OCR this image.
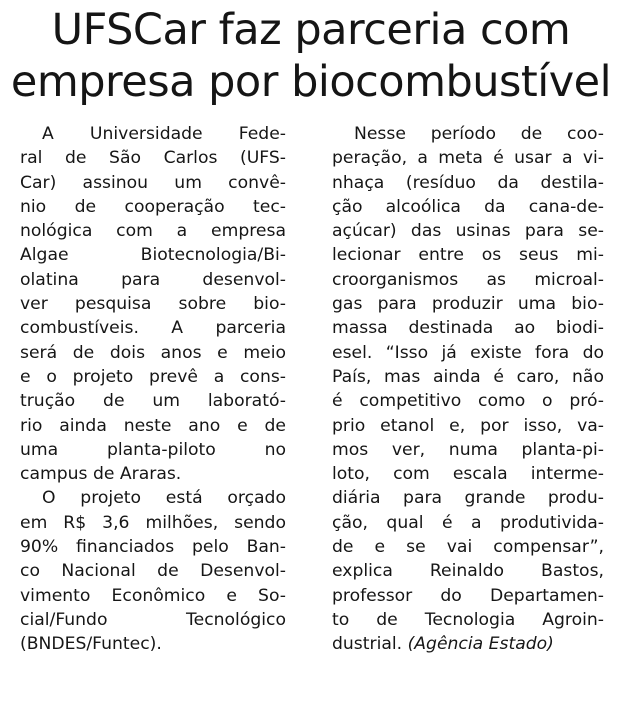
UFSCar faz parceria com
empresa por biocombustível
A Universidade Fede-
ral de São Carlos (UFS-
Car) assinou um convê-
nio de cooperação tec-
nológica com a empresa
Algae Biotecnologia/Bi-
olatina para desenvol-
ver pesquisa sobre bio-
combustíveis. A parceria
será de dois anos e meio
e o projeto prevê a cons-
trução de um laborató-
rio ainda neste ano e de
uma planta-piloto no
campus de Araras.
O projeto está orçado
em R$ 3,6 milhões, sendo
90% financiados pelo Ban-
co Nacional de Desenvol-
vimento Econômico e So-
cial/Fundo Tecnológico
(BNDES/Funtec).
Nesse período de coo-
peração, a meta é usar a vi-
nhaça (resíduo da destila-
ção alcoólica da cana-de-
açúcar) das usinas para se-
lecionar entre os seus mi-
croorganismos as microal-
gas para produzir uma bio-
massa destinada ao biodi-
esel. “Isso já existe fora do
País, mas ainda é caro, não
é competitivo como o pró-
prio etanol e, por isso, va-
mos ver, numa planta-pi-
loto, com escala interme-
diária para grande produ-
ção, qual é a produtivida-
de e se vai compensar”,
explica Reinaldo Bastos,
professor do Departamen-
to de Tecnologia Agroin-
dustrial. (Agência Estado)
